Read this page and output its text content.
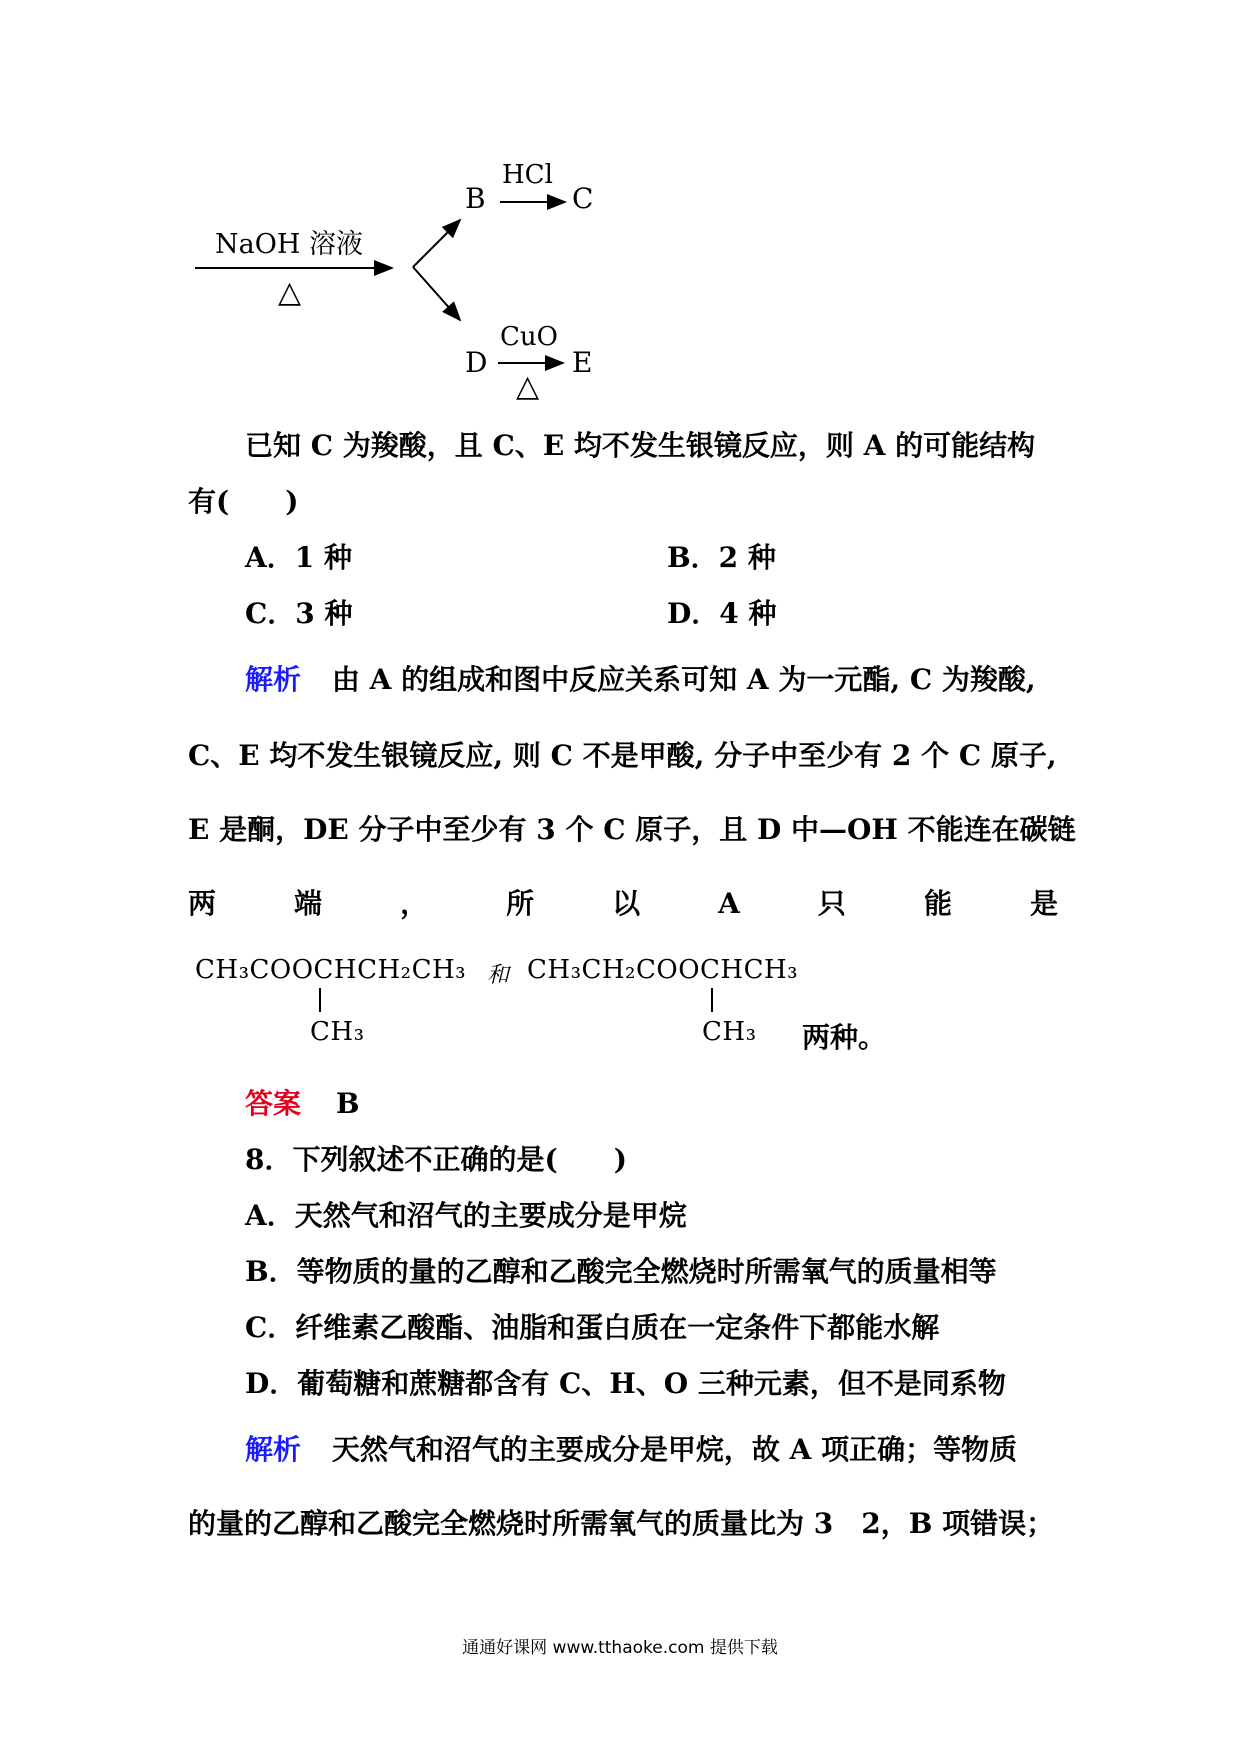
NaOH 溶液
△
B
HCl
C
D
CuO
△
E
已知 C 为羧酸，且 C、E 均不发生银镜反应，则 A 的可能结构
有(　　)
A．1 种	B．2 种
C．3 种	D．4 种
解析 由 A 的组成和图中反应关系可知 A 为一元酯, C 为羧酸,
C、E 均不发生银镜反应, 则 C 不是甲酸, 分子中至少有 2 个 C 原子,
E 是酮，DE 分子中至少有 3 个 C 原子，且 D 中—OH 不能连在碳链
两	端	，	所	以	A	只	能	是
CH₃COOCHCH₂CH₃
CH₃
和 CH₃CH₂COOCHCH₃
CH₃ 两种。
答案 B
8．下列叙述不正确的是(　　)
A．天然气和沼气的主要成分是甲烷
B．等物质的量的乙醇和乙酸完全燃烧时所需氧气的质量相等
C．纤维素乙酸酯、油脂和蛋白质在一定条件下都能水解
D．葡萄糖和蔗糖都含有 C、H、O 三种元素，但不是同系物
解析 天然气和沼气的主要成分是甲烷，故 A 项正确；等物质
的量的乙醇和乙酸完全燃烧时所需氧气的质量比为 3　2，B 项错误；
通通好课网 www.tthaoke.com 提供下载
